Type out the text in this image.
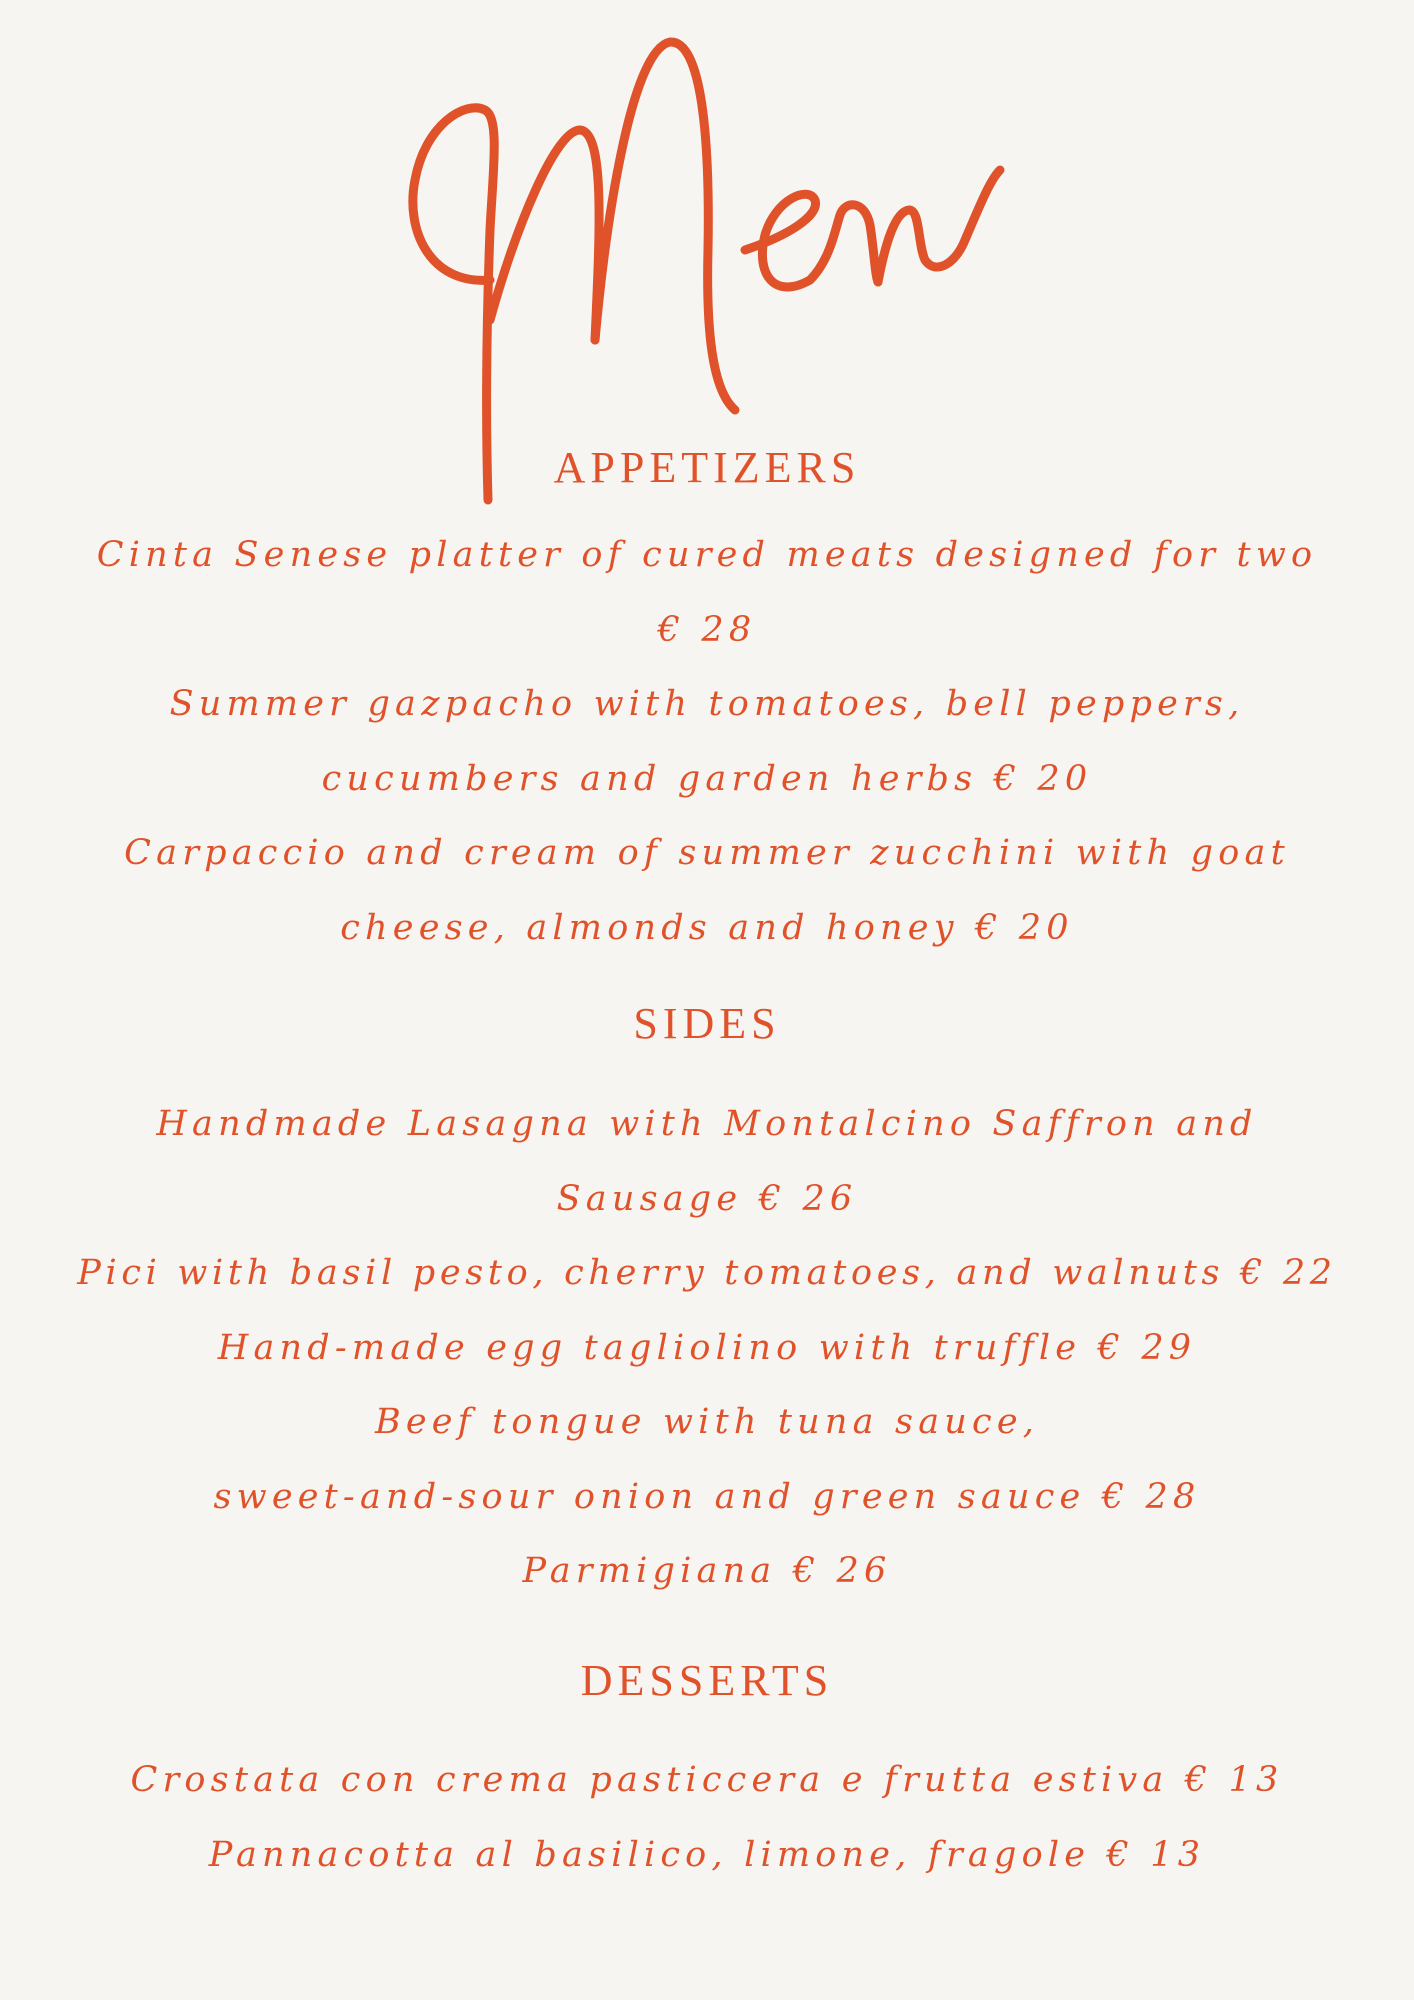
APPETIZERS
Cinta Senese platter of cured meats designed for two
€ 28
Summer gazpacho with tomatoes, bell peppers,
cucumbers and garden herbs € 20
Carpaccio and cream of summer zucchini with goat
cheese, almonds and honey € 20
SIDES
Handmade Lasagna with Montalcino Saffron and
Sausage € 26
Pici with basil pesto, cherry tomatoes, and walnuts € 22
Hand-made egg tagliolino with truffle € 29
Beef tongue with tuna sauce,
sweet-and-sour onion and green sauce € 28
Parmigiana € 26
DESSERTS
Crostata con crema pasticcera e frutta estiva € 13
Pannacotta al basilico, limone, fragole € 13
